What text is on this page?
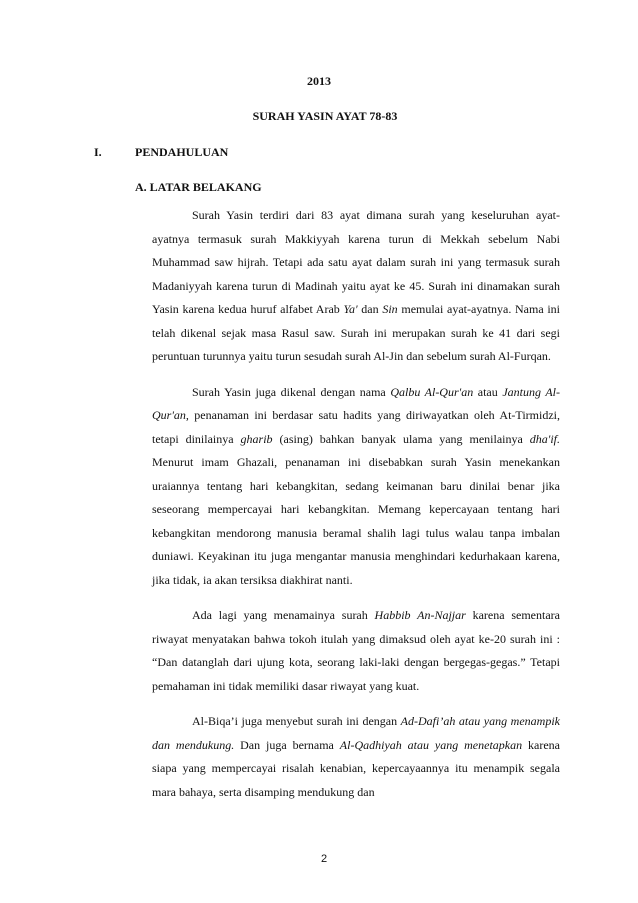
2013
SURAH YASIN AYAT 78-83
I.	PENDAHULUAN
A. LATAR BELAKANG

Surah Yasin terdiri dari 83 ayat dimana surah yang keseluruhan ayat-ayatnya termasuk surah Makkiyyah karena turun di Mekkah sebelum Nabi Muhammad saw hijrah. Tetapi ada satu ayat dalam surah ini yang termasuk surah Madaniyyah karena turun di Madinah yaitu ayat ke 45. Surah ini dinamakan surah Yasin karena kedua huruf alfabet Arab Ya' dan Sin memulai ayat-ayatnya. Nama ini telah dikenal sejak masa Rasul saw. Surah ini merupakan surah ke 41 dari segi peruntuan turunnya yaitu turun sesudah surah Al-Jin dan sebelum surah Al-Furqan.

Surah Yasin juga dikenal dengan nama Qalbu Al-Qur'an atau Jantung Al-Qur'an, penanaman ini berdasar satu hadits yang diriwayatkan oleh At-Tirmidzi, tetapi dinilainya gharib (asing) bahkan banyak ulama yang menilainya dha'if. Menurut imam Ghazali, penanaman ini disebabkan surah Yasin menekankan uraiannya tentang hari kebangkitan, sedang keimanan baru dinilai benar jika seseorang mempercayai hari kebangkitan. Memang kepercayaan tentang hari kebangkitan mendorong manusia beramal shalih lagi tulus walau tanpa imbalan duniawi. Keyakinan itu juga mengantar manusia menghindari kedurhakaan karena, jika tidak, ia akan tersiksa diakhirat nanti.

Ada lagi yang menamainya surah Habbib An-Najjar karena sementara riwayat menyatakan bahwa tokoh itulah yang dimaksud oleh ayat ke-20 surah ini : “Dan datanglah dari ujung kota, seorang laki-laki dengan bergegas-gegas.” Tetapi pemahaman ini tidak memiliki dasar riwayat yang kuat.

Al-Biqa’i juga menyebut surah ini dengan Ad-Dafi’ah atau yang menampik dan mendukung. Dan juga bernama Al-Qadhiyah atau yang menetapkan karena siapa yang mempercayai risalah kenabian, kepercayaannya itu menampik segala mara bahaya, serta disamping mendukung dan

2
